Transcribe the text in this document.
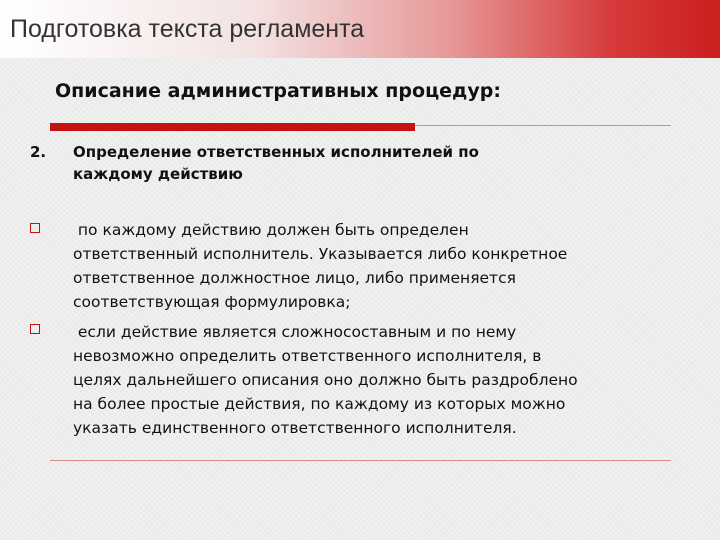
Подготовка текста регламента
Описание административных процедур:
2. Определение ответственных исполнителей по
каждому действию
по каждому действию должен быть определен
ответственный исполнитель. Указывается либо конкретное
ответственное должностное лицо, либо применяется
соответствующая формулировка;
если действие является сложносоставным и по нему
невозможно определить ответственного исполнителя, в
целях дальнейшего описания оно должно быть раздроблено
на более простые действия, по каждому из которых можно
указать единственного ответственного исполнителя.
